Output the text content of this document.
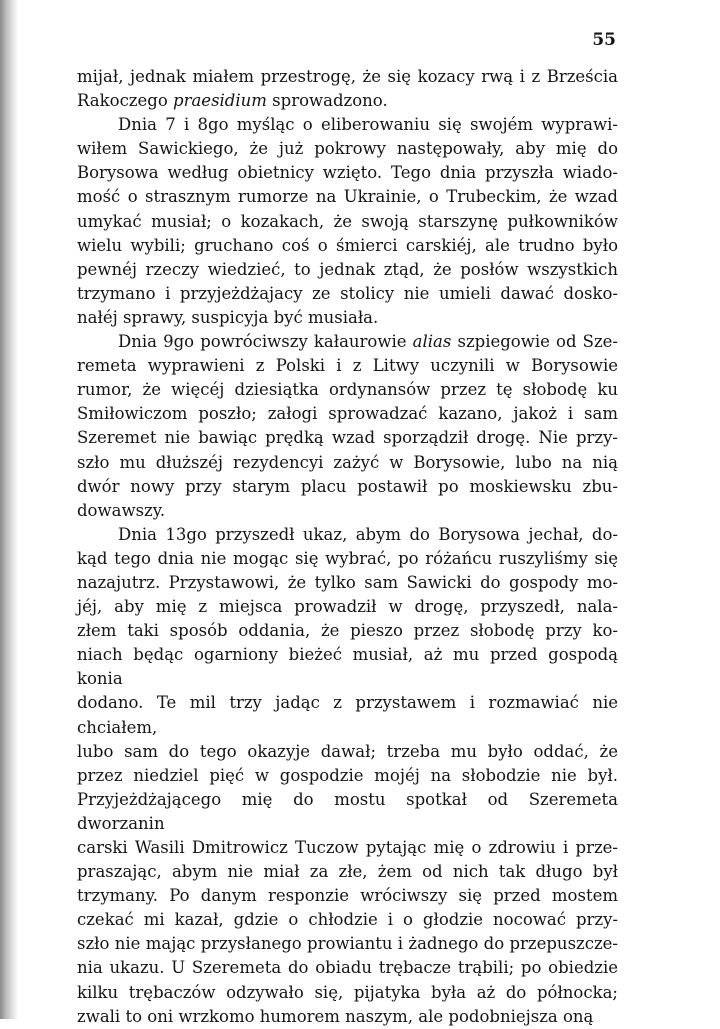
55

mijał, jednak miałem przestrogę, że się kozacy rwą i z Brześcia

Rakoczego praesidium sprowadzono.

Dnia 7 i 8go myśląc o eliberowaniu się swojém wyprawi-

wiłem Sawickiego, że już pokrowy następowały, aby mię do

Borysowa według obietnicy wzięto. Tego dnia przyszła wiado-

mość o strasznym rumorze na Ukrainie, o Trubeckim, że wzad

umykać musiał; o kozakach, że swoją starszynę pułkowników

wielu wybili; gruchano coś o śmierci carskiéj, ale trudno było

pewnéj rzeczy wiedzieć, to jednak ztąd, że posłów wszystkich

trzymano i przyjeżdżajacy ze stolicy nie umieli dawać dosko-

nałéj sprawy, suspicyja być musiała.

Dnia 9go powróciwszy kałaurowie alias szpiegowie od Sze-

remeta wyprawieni z Polski i z Litwy uczynili w Borysowie

rumor, że więcéj dziesiątka ordynansów przez tę słobodę ku

Smiłowiczom poszło; załogi sprowadzać kazano, jakoż i sam

Szeremet nie bawiąc prędką wzad sporządził drogę. Nie przy-

szło mu dłuższéj rezydencyi zażyć w Borysowie, lubo na nią

dwór nowy przy starym placu postawił po moskiewsku zbu-

dowawszy.

Dnia 13go przyszedł ukaz, abym do Borysowa jechał, do-

kąd tego dnia nie mogąc się wybrać, po różańcu ruszyliśmy się

nazajutrz. Przystawowi, że tylko sam Sawicki do gospody mo-

jéj, aby mię z miejsca prowadził w drogę, przyszedł, nala-

złem taki sposób oddania, że pieszo przez słobodę przy ko-

niach będąc ogarniony bieżeć musiał, aż mu przed gospodą konia

dodano. Te mil trzy jadąc z przystawem i rozmawiać nie chciałem,

lubo sam do tego okazyje dawał; trzeba mu było oddać, że

przez niedziel pięć w gospodzie mojéj na słobodzie nie był.

Przyjeżdżającego mię do mostu spotkał od Szeremeta dworzanin

carski Wasili Dmitrowicz Tuczow pytając mię o zdrowiu i prze-

praszając, abym nie miał za złe, żem od nich tak długo był

trzymany. Po danym responzie wróciwszy się przed mostem

czekać mi kazał, gdzie o chłodzie i o głodzie nocować przy-

szło nie mając przysłanego prowiantu i żadnego do przepuszcze-

nia ukazu. U Szeremeta do obiadu trębacze trąbili; po obiedzie

kilku trębaczów odzywało się, pijatyka była aż do północka;

zwali to oni wrzkomo humorem naszym, ale podobniejsza oną
